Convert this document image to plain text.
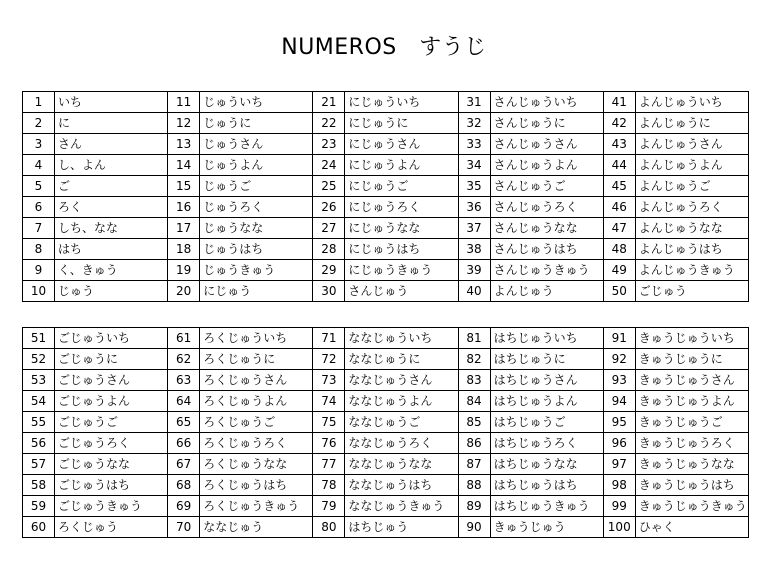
NUMEROS　すうじ
1	いち	11	じゅういち	21	にじゅういち	31	さんじゅういち	41	よんじゅういち
2	に	12	じゅうに	22	にじゅうに	32	さんじゅうに	42	よんじゅうに
3	さん	13	じゅうさん	23	にじゅうさん	33	さんじゅうさん	43	よんじゅうさん
4	し、よん	14	じゅうよん	24	にじゅうよん	34	さんじゅうよん	44	よんじゅうよん
5	ご	15	じゅうご	25	にじゅうご	35	さんじゅうご	45	よんじゅうご
6	ろく	16	じゅうろく	26	にじゅうろく	36	さんじゅうろく	46	よんじゅうろく
7	しち、なな	17	じゅうなな	27	にじゅうなな	37	さんじゅうなな	47	よんじゅうなな
8	はち	18	じゅうはち	28	にじゅうはち	38	さんじゅうはち	48	よんじゅうはち
9	く、きゅう	19	じゅうきゅう	29	にじゅうきゅう	39	さんじゅうきゅう	49	よんじゅうきゅう
10	じゅう	20	にじゅう	30	さんじゅう	40	よんじゅう	50	ごじゅう
51	ごじゅういち	61	ろくじゅういち	71	ななじゅういち	81	はちじゅういち	91	きゅうじゅういち
52	ごじゅうに	62	ろくじゅうに	72	ななじゅうに	82	はちじゅうに	92	きゅうじゅうに
53	ごじゅうさん	63	ろくじゅうさん	73	ななじゅうさん	83	はちじゅうさん	93	きゅうじゅうさん
54	ごじゅうよん	64	ろくじゅうよん	74	ななじゅうよん	84	はちじゅうよん	94	きゅうじゅうよん
55	ごじゅうご	65	ろくじゅうご	75	ななじゅうご	85	はちじゅうご	95	きゅうじゅうご
56	ごじゅうろく	66	ろくじゅうろく	76	ななじゅうろく	86	はちじゅうろく	96	きゅうじゅうろく
57	ごじゅうなな	67	ろくじゅうなな	77	ななじゅうなな	87	はちじゅうなな	97	きゅうじゅうなな
58	ごじゅうはち	68	ろくじゅうはち	78	ななじゅうはち	88	はちじゅうはち	98	きゅうじゅうはち
59	ごじゅうきゅう	69	ろくじゅうきゅう	79	ななじゅうきゅう	89	はちじゅうきゅう	99	きゅうじゅうきゅう
60	ろくじゅう	70	ななじゅう	80	はちじゅう	90	きゅうじゅう	100	ひゃく
